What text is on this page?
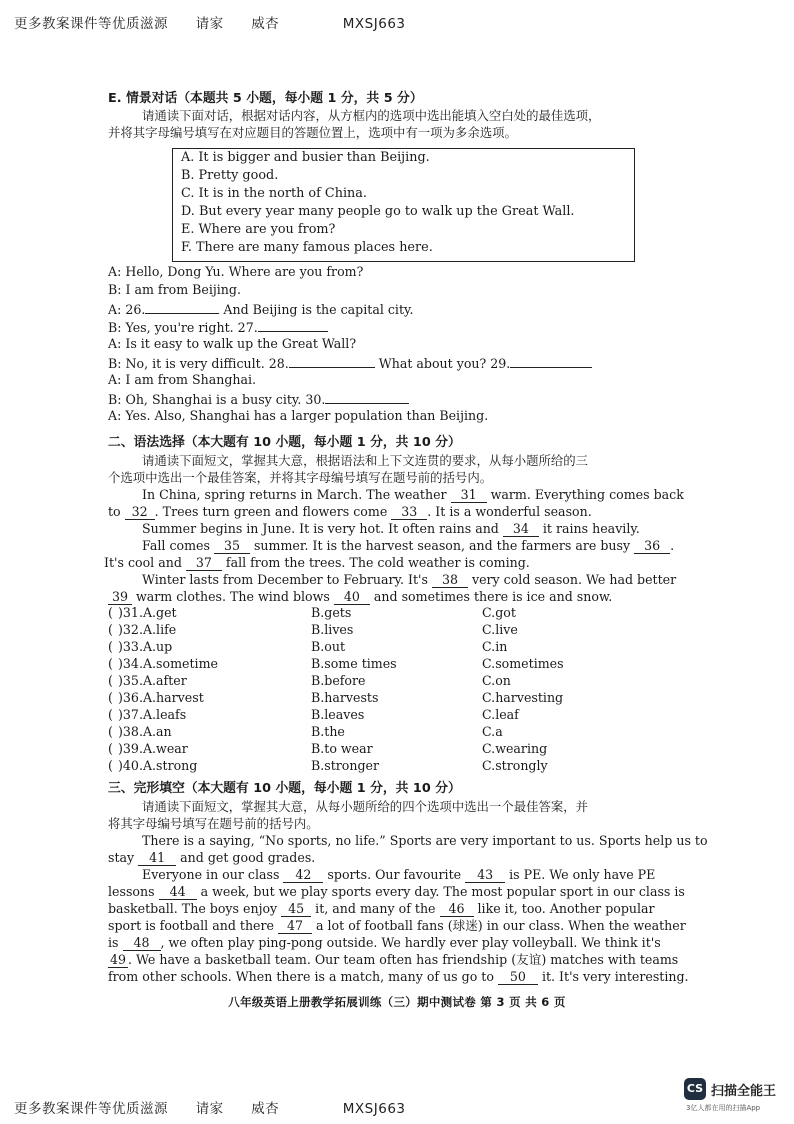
更多教案课件等优质滋源 请家 威杏	MXSJ663
E. 情景对话（本题共 5 小题，每小题 1 分，共 5 分）
请通读下面对话，根据对话内容，从方框内的选项中选出能填入空白处的最佳选项，
并将其字母编号填写在对应题目的答题位置上，选项中有一项为多余选项。
A. It is bigger and busier than Beijing.
B. Pretty good.
C. It is in the north of China.
D. But every year many people go to walk up the Great Wall.
E. Where are you from?
F. There are many famous places here.
A: Hello, Dong Yu. Where are you from?
B: I am from Beijing.
A: 26.	And Beijing is the capital city.
B: Yes, you're right. 27.
A: Is it easy to walk up the Great Wall?
B: No, it is very difficult. 28.	What about you? 29.
A: I am from Shanghai.
B: Oh, Shanghai is a busy city. 30.
A: Yes. Also, Shanghai has a larger population than Beijing.
二、语法选择（本大题有 10 小题，每小题 1 分，共 10 分）
请通读下面短文，掌握其大意，根据语法和上下文连贯的要求，从每小题所给的三
个选项中选出一个最佳答案，并将其字母编号填写在题号前的括号内。
In China, spring returns in March. The weather 31 warm. Everything comes back
to 32 . Trees turn green and flowers come 33 . It is a wonderful season.
Summer begins in June. It is very hot. It often rains and 34 it rains heavily.
Fall comes 35 summer. It is the harvest season, and the farmers are busy 36 .
It's cool and 37 fall from the trees. The cold weather is coming.
Winter lasts from December to February. It's 38 very cold season. We had better
39 warm clothes. The wind blows 40 and sometimes there is ice and snow.
( )31.A.get	B.gets	C.got
( )32.A.life	B.lives	C.live
( )33.A.up	B.out	C.in
( )34.A.sometime	B.some times	C.sometimes
( )35.A.after	B.before	C.on
( )36.A.harvest	B.harvests	C.harvesting
( )37.A.leafs	B.leaves	C.leaf
( )38.A.an	B.the	C.a
( )39.A.wear	B.to wear	C.wearing
( )40.A.strong	B.stronger	C.strongly
三、完形填空（本大题有 10 小题，每小题 1 分，共 10 分）
请通读下面短文，掌握其大意，从每小题所给的四个选项中选出一个最佳答案，并
将其字母编号填写在题号前的括号内。
There is a saying, “No sports, no life.” Sports are very important to us. Sports help us to
stay 41 and get good grades.
Everyone in our class 42 sports. Our favourite 43 is PE. We only have PE
lessons 44 a week, but we play sports every day. The most popular sport in our class is
basketball. The boys enjoy 45 it, and many of the 46 like it, too. Another popular
sport is football and there 47 a lot of football fans (球迷) in our class. When the weather
is 48 , we often play ping-pong outside. We hardly ever play volleyball. We think it's
49 . We have a basketball team. Our team often has friendship (友谊) matches with teams
from other schools. When there is a match, many of us go to 50 it. It's very interesting.
八年级英语上册教学拓展训练（三）期中测试卷 第 3 页 共 6 页
更多教案课件等优质滋源 请家 威杏	MXSJ663
CS 扫描全能王
3亿人都在用的扫描App
